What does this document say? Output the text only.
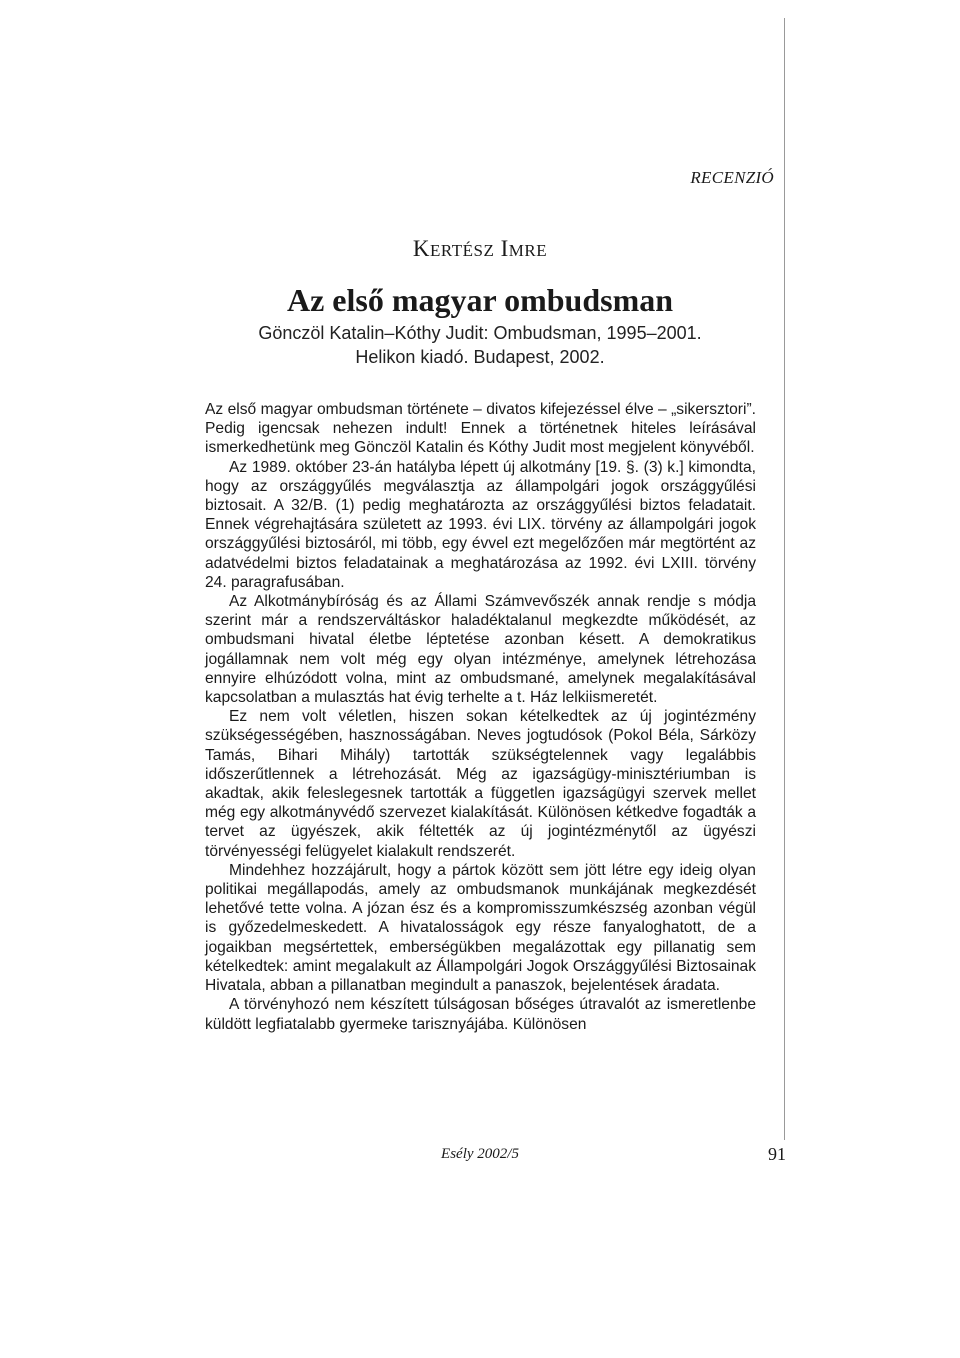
RECENZIÓ
KERTÉSZ IMRE
Az első magyar ombudsman
Gönczöl Katalin–Kóthy Judit: Ombudsman, 1995–2001.
Helikon kiadó. Budapest, 2002.

Az első magyar ombudsman története – divatos kifejezéssel élve – „sikersztori”. Pedig igencsak nehezen indult! Ennek a történetnek hiteles leírásával ismerkedhetünk meg Gönczöl Katalin és Kóthy Judit most megjelent könyvéből.

Az 1989. október 23-án hatályba lépett új alkotmány [19. §. (3) k.] kimondta, hogy az országgyűlés megválasztja az állampolgári jogok országgyűlési biztosait. A 32/B. (1) pedig meghatározta az országgyűlési biztos feladatait. Ennek végrehajtására született az 1993. évi LIX. törvény az állampolgári jogok országgyűlési biztosáról, mi több, egy évvel ezt megelőzően már megtörtént az adatvédelmi biztos feladatainak a meghatározása az 1992. évi LXIII. törvény 24. paragrafusában.

Az Alkotmánybíróság és az Állami Számvevőszék annak rendje s módja szerint már a rendszerváltáskor haladéktalanul megkezdte működését, az ombudsmani hivatal életbe léptetése azonban késett. A demokratikus jogállamnak nem volt még egy olyan intézménye, amelynek létrehozása ennyire elhúzódott volna, mint az ombudsmané, amelynek megalakításával kapcsolatban a mulasztás hat évig terhelte a t. Ház lelkiismeretét.

Ez nem volt véletlen, hiszen sokan kételkedtek az új jogintézmény szükségességében, hasznosságában. Neves jogtudósok (Pokol Béla, Sárközy Tamás, Bihari Mihály) tartották szükségtelennek vagy legalábbis időszerűtlennek a létrehozását. Még az igazságügy-minisztériumban is akadtak, akik feleslegesnek tartották a független igazságügyi szervek mellet még egy alkotmányvédő szervezet kialakítását. Különösen kétkedve fogadták a tervet az ügyészek, akik féltették az új jogintézménytől az ügyészi törvényességi felügyelet kialakult rendszerét.

Mindehhez hozzájárult, hogy a pártok között sem jött létre egy ideig olyan politikai megállapodás, amely az ombudsmanok munkájának megkezdését lehetővé tette volna. A józan ész és a kompromisszumkészség azonban végül is győzedelmeskedett. A hivatalosságok egy része fanyaloghatott, de a jogaikban megsértettek, emberségükben megalázottak egy pillanatig sem kételkedtek: amint megalakult az Állampolgári Jogok Országgyűlési Biztosainak Hivatala, abban a pillanatban megindult a panaszok, bejelentések áradata.

A törvényhozó nem készített túlságosan bőséges útravalót az ismeretlenbe küldött legfiatalabb gyermeke tarisznyájába. Különösen

Esély 2002/5	91
